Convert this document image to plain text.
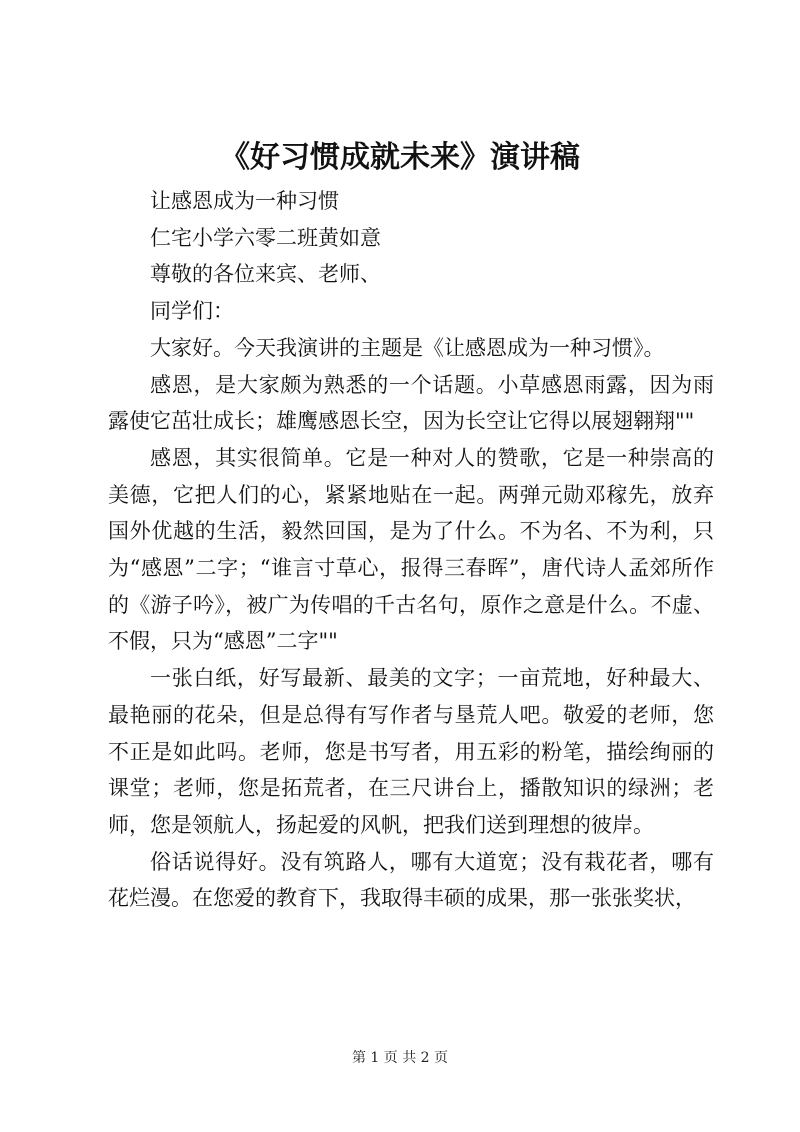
《好习惯成就未来》演讲稿

让感恩成为一种习惯

仁宅小学六零二班黄如意

尊敬的各位来宾、老师、

同学们：

大家好。今天我演讲的主题是《让感恩成为一种习惯》。

感恩，是大家颇为熟悉的一个话题。小草感恩雨露，因为雨露使它茁壮成长；雄鹰感恩长空，因为长空让它得以展翅翱翔""

感恩，其实很简单。它是一种对人的赞歌，它是一种崇高的美德，它把人们的心，紧紧地贴在一起。两弹元勋邓稼先，放弃国外优越的生活，毅然回国，是为了什么。不为名、不为利，只为“感恩”二字；“谁言寸草心，报得三春晖”，唐代诗人孟郊所作的《游子吟》，被广为传唱的千古名句，原作之意是什么。不虚、不假，只为“感恩”二字""

一张白纸，好写最新、最美的文字；一亩荒地，好种最大、最艳丽的花朵，但是总得有写作者与垦荒人吧。敬爱的老师，您不正是如此吗。老师，您是书写者，用五彩的粉笔，描绘绚丽的课堂；老师，您是拓荒者，在三尺讲台上，播散知识的绿洲；老师，您是领航人，扬起爱的风帆，把我们送到理想的彼岸。

俗话说得好。没有筑路人，哪有大道宽；没有栽花者，哪有花烂漫。在您爱的教育下，我取得丰硕的成果，那一张张奖状，

第 1 页 共 2 页
